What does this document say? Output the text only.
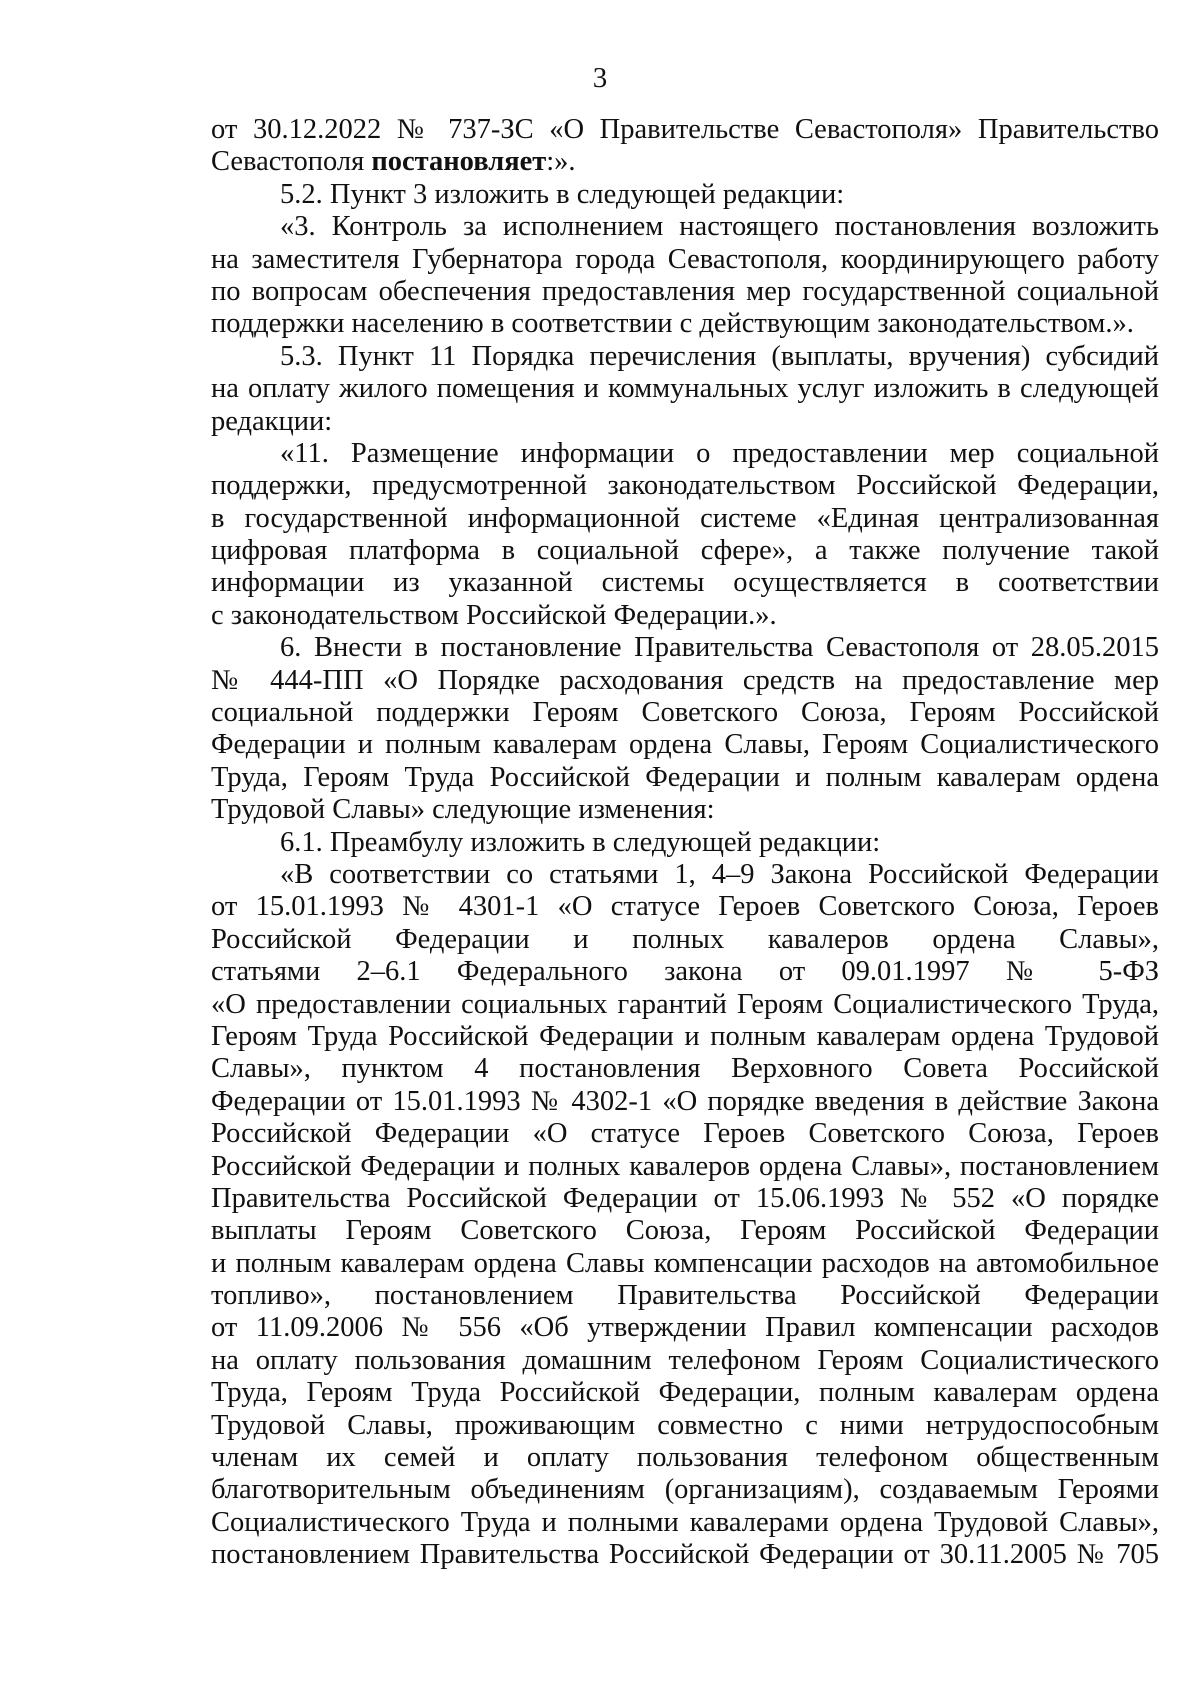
3
от 30.12.2022 № 737-ЗС «О Правительстве Севастополя» Правительство
Севастополя постановляет:».
5.2. Пункт 3 изложить в следующей редакции:
«3. Контроль за исполнением настоящего постановления возложить
на заместителя Губернатора города Севастополя, координирующего работу
по вопросам обеспечения предоставления мер государственной социальной
поддержки населению в соответствии с действующим законодательством.».
5.3. Пункт 11 Порядка перечисления (выплаты, вручения) субсидий
на оплату жилого помещения и коммунальных услуг изложить в следующей
редакции:
«11. Размещение информации о предоставлении мер социальной
поддержки, предусмотренной законодательством Российской Федерации,
в государственной информационной системе «Единая централизованная
цифровая платформа в социальной сфере», а также получение такой
информации из указанной системы осуществляется в соответствии
с законодательством Российской Федерации.».
6. Внести в постановление Правительства Севастополя от 28.05.2015
№ 444-ПП «О Порядке расходования средств на предоставление мер
социальной поддержки Героям Советского Союза, Героям Российской
Федерации и полным кавалерам ордена Славы, Героям Социалистического
Труда, Героям Труда Российской Федерации и полным кавалерам ордена
Трудовой Славы» следующие изменения:
6.1. Преамбулу изложить в следующей редакции:
«В соответствии со статьями 1, 4–9 Закона Российской Федерации
от 15.01.1993 № 4301-1 «О статусе Героев Советского Союза, Героев
Российской Федерации и полных кавалеров ордена Славы»,
статьями 2–6.1 Федерального закона от 09.01.1997 № 5-ФЗ
«О предоставлении социальных гарантий Героям Социалистического Труда,
Героям Труда Российской Федерации и полным кавалерам ордена Трудовой
Славы», пунктом 4 постановления Верховного Совета Российской
Федерации от 15.01.1993 № 4302-1 «О порядке введения в действие Закона
Российской Федерации «О статусе Героев Советского Союза, Героев
Российской Федерации и полных кавалеров ордена Славы», постановлением
Правительства Российской Федерации от 15.06.1993 № 552 «О порядке
выплаты Героям Советского Союза, Героям Российской Федерации
и полным кавалерам ордена Славы компенсации расходов на автомобильное
топливо», постановлением Правительства Российской Федерации
от 11.09.2006 № 556 «Об утверждении Правил компенсации расходов
на оплату пользования домашним телефоном Героям Социалистического
Труда, Героям Труда Российской Федерации, полным кавалерам ордена
Трудовой Славы, проживающим совместно с ними нетрудоспособным
членам их семей и оплату пользования телефоном общественным
благотворительным объединениям (организациям), создаваемым Героями
Социалистического Труда и полными кавалерами ордена Трудовой Славы»,
постановлением Правительства Российской Федерации от 30.11.2005 № 705
